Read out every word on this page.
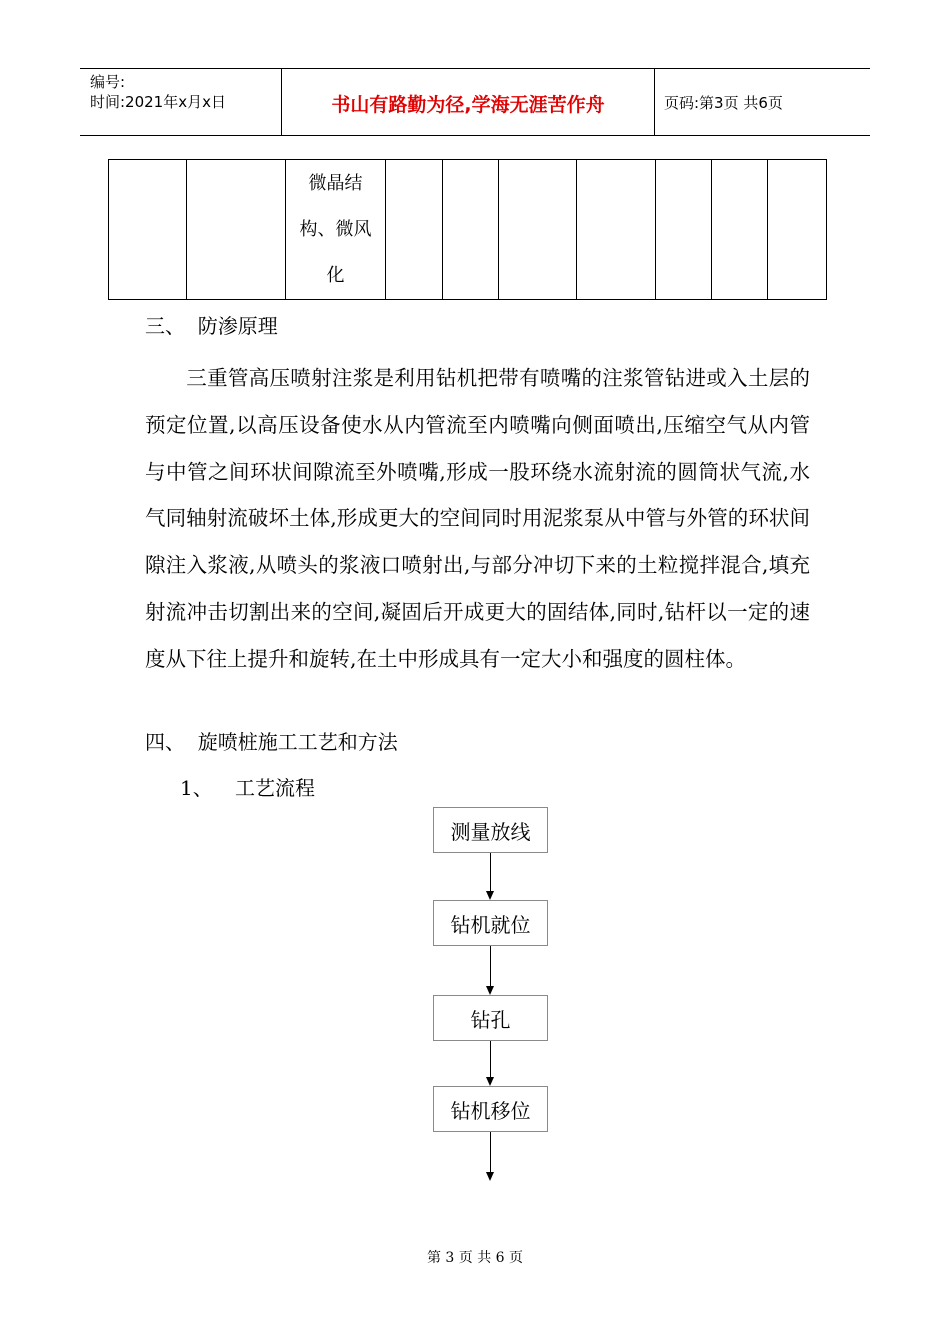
编号:
时间:2021年x月x日	书山有路勤为径,学海无涯苦作舟	页码:第3页 共6页

微晶结
构、微风
化

三、  防渗原理

三重管高压喷射注浆是利用钻机把带有喷嘴的注浆管钻进或入土层的预定位置,以高压设备使水从内管流至内喷嘴向侧面喷出,压缩空气从内管与中管之间环状间隙流至外喷嘴,形成一股环绕水流射流的圆筒状气流,水气同轴射流破坏土体,形成更大的空间同时用泥浆泵从中管与外管的环状间隙注入浆液,从喷头的浆液口喷射出,与部分冲切下来的土粒搅拌混合,填充射流冲击切割出来的空间,凝固后开成更大的固结体,同时,钻杆以一定的速度从下往上提升和旋转,在土中形成具有一定大小和强度的圆柱体。

四、  旋喷桩施工工艺和方法
1、 工艺流程
测量放线
钻机就位
钻孔
钻机移位
第 3 页 共 6 页
